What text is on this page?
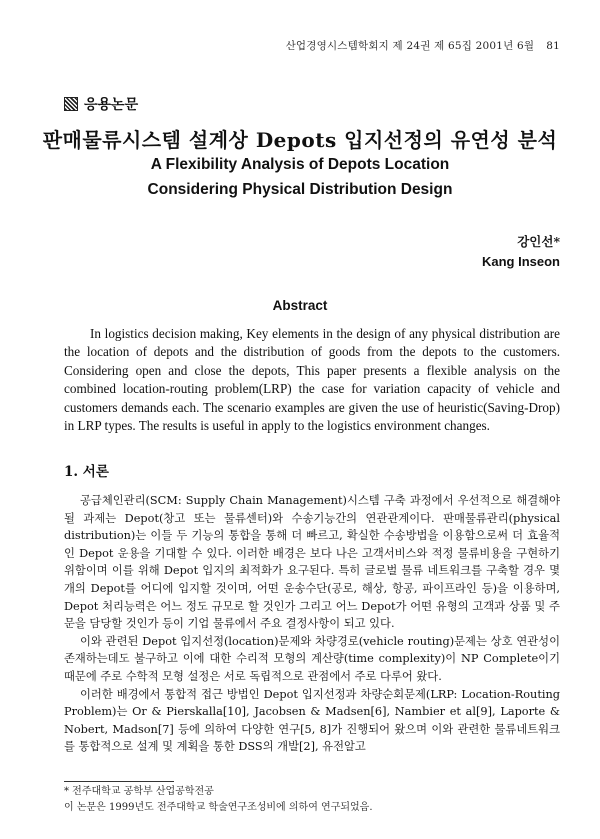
산업경영시스템학회지 제 24권 제 65집 2001년 6월 81
응용논문
판매물류시스템 설계상 Depots 입지선정의 유연성 분석
A Flexibility Analysis of Depots Location
Considering Physical Distribution Design
강인선*
Kang Inseon
Abstract
In logistics decision making, Key elements in the design of any physical distribution are the location of depots and the distribution of goods from the depots to the customers. Considering open and close the depots, This paper presents a flexible analysis on the combined location-routing problem(LRP) the case for variation capacity of vehicle and customers demands each. The scenario examples are given the use of heuristic(Saving-Drop) in LRP types. The results is useful in apply to the logistics environment changes.
1. 서론

공급체인관리(SCM: Supply Chain Management)시스템 구축 과정에서 우선적으로 해결해야 될 과제는 Depot(창고 또는 물류센터)와 수송기능간의 연관관계이다. 판매물류관리(physical distribution)는 이들 두 기능의 통합을 통해 더 빠르고, 확실한 수송방법을 이용함으로써 더 효율적인 Depot 운용을 기대할 수 있다. 이러한 배경은 보다 나은 고객서비스와 적정 물류비용을 구현하기 위함이며 이를 위해 Depot 입지의 최적화가 요구된다. 특히 글로벌 물류 네트워크를 구축할 경우 몇 개의 Depot를 어디에 입지할 것이며, 어떤 운송수단(공로, 해상, 항공, 파이프라인 등)을 이용하며, Depot 처리능력은 어느 정도 규모로 할 것인가 그리고 어느 Depot가 어떤 유형의 고객과 상품 및 주문을 담당할 것인가 등이 기업 물류에서 주요 결정사항이 되고 있다.

이와 관련된 Depot 입지선정(location)문제와 차량경로(vehicle routing)문제는 상호 연관성이 존재하는데도 불구하고 이에 대한 수리적 모형의 계산량(time complexity)이 NP Complete이기 때문에 주로 수학적 모형 설정은 서로 독립적으로 관점에서 주로 다루어 왔다.

이러한 배경에서 통합적 접근 방법인 Depot 입지선정과 차량순회문제(LRP: Location-Routing Problem)는 Or & Pierskalla[10], Jacobsen & Madsen[6], Nambier et al[9], Laporte & Nobert, Madson[7] 등에 의하여 다양한 연구[5, 8]가 진행되어 왔으며 이와 관련한 물류네트워크를 통합적으로 설계 및 계획을 통한 DSS의 개발[2], 유전알고

* 전주대학교 공학부 산업공학전공
이 논문은 1999년도 전주대학교 학술연구조성비에 의하여 연구되었음.
